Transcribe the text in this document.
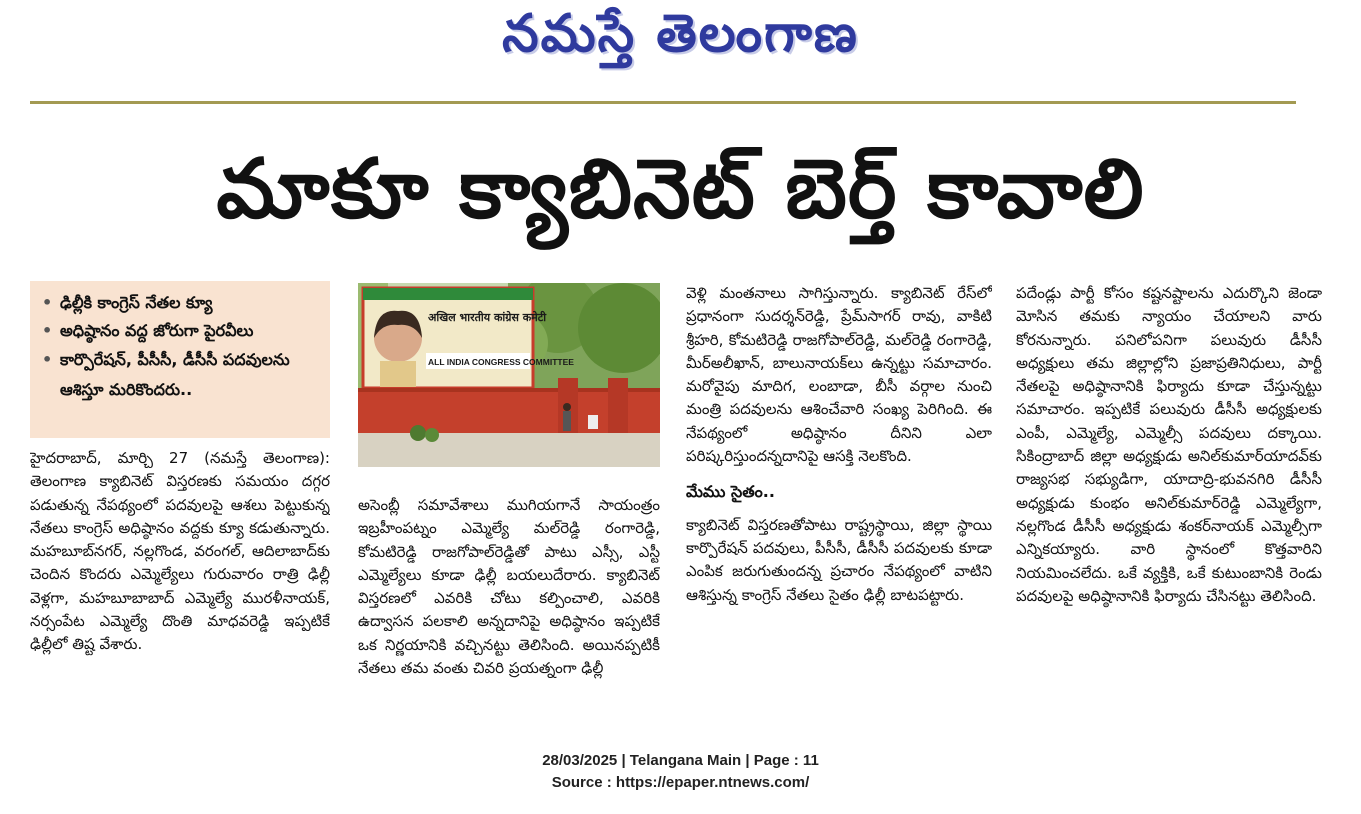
నమస్తే తెలంగాణ
మాకూ క్యాబినెట్ బెర్త్ కావాలి
• ఢిల్లీకి కాంగ్రెస్ నేతల క్యూ
• అధిష్ఠానం వద్ద జోరుగా పైరవీలు
• కార్పొరేషన్, పీసీసీ, డీసీసీ పదవులను ఆశిస్తూ మరికొందరు..
अखिल भारतीय कांग्रेस कमेटी
ALL INDIA CONGRESS COMMITTEE

హైదరాబాద్, మార్చి 27 (నమస్తే తెలంగాణ): తెలంగాణ క్యాబినెట్ విస్తరణకు సమయం దగ్గర పడుతున్న నేపథ్యంలో పదవులపై ఆశలు పెట్టుకున్న నేతలు కాంగ్రెస్ అధిష్ఠానం వద్దకు క్యూ కడుతున్నారు. మహబూబ్‌నగర్, నల్లగొండ, వరంగల్, ఆదిలాబాద్‌కు చెందిన కొందరు ఎమ్మెల్యేలు గురువారం రాత్రి ఢిల్లీ వెళ్లగా, మహబూబాబాద్ ఎమ్మెల్యే మురళీనాయక్, నర్సంపేట ఎమ్మెల్యే దొంతి మాధవరెడ్డి ఇప్పటికే ఢిల్లీలో తిష్ట వేశారు.

అసెంబ్లీ సమావేశాలు ముగియగానే సాయంత్రం ఇబ్రహీంపట్నం ఎమ్మెల్యే మల్‌రెడ్డి రంగారెడ్డి, కోమటిరెడ్డి రాజగోపాల్‌రెడ్డితో పాటు ఎస్సీ, ఎస్టీ ఎమ్మెల్యేలు కూడా ఢిల్లీ బయలుదేరారు. క్యాబినెట్ విస్తరణలో ఎవరికి చోటు కల్పించాలి, ఎవరికి ఉద్వాసన పలకాలి అన్నదానిపై అధిష్ఠానం ఇప్పటికే ఒక నిర్ణయానికి వచ్చినట్టు తెలిసింది. అయినప్పటికీ నేతలు తమ వంతు చివరి ప్రయత్నంగా ఢిల్లీ

వెళ్లి మంతనాలు సాగిస్తున్నారు. క్యాబినెట్ రేస్‌లో ప్రధానంగా సుదర్శన్‌రెడ్డి, ప్రేమ్‌సాగర్ రావు, వాకిటి శ్రీహరి, కోమటిరెడ్డి రాజగోపాల్‌రెడ్డి, మల్‌రెడ్డి రంగారెడ్డి, మీర్‌అలీఖాన్, బాలునాయక్‌లు ఉన్నట్టు సమాచారం. మరోవైపు మాదిగ, లంబాడా, బీసీ వర్గాల నుంచి మంత్రి పదవులను ఆశించేవారి సంఖ్య పెరిగింది. ఈ నేపథ్యంలో అధిష్ఠానం దీనిని ఎలా పరిష్కరిస్తుందన్నదానిపై ఆసక్తి నెలకొంది.

మేము సైతం..

క్యాబినెట్ విస్తరణతోపాటు రాష్ట్రస్థాయి, జిల్లా స్థాయి కార్పొరేషన్ పదవులు, పీసీసీ, డీసీసీ పదవులకు కూడా ఎంపిక జరుగుతుందన్న ప్రచారం నేపథ్యంలో వాటిని ఆశిస్తున్న కాంగ్రెస్ నేతలు సైతం ఢిల్లీ బాటపట్టారు.

పదేండ్లు పార్టీ కోసం కష్టనష్టాలను ఎదుర్కొని జెండా మోసిన తమకు న్యాయం చేయాలని వారు కోరనున్నారు. పనిలోపనిగా పలువురు డీసీసీ అధ్యక్షులు తమ జిల్లాల్లోని ప్రజాప్రతినిధులు, పార్టీ నేతలపై అధిష్ఠానానికి ఫిర్యాదు కూడా చేస్తున్నట్టు సమాచారం. ఇప్పటికే పలువురు డీసీసీ అధ్యక్షులకు ఎంపీ, ఎమ్మెల్యే, ఎమ్మెల్సీ పదవులు దక్కాయి. సికింద్రాబాద్ జిల్లా అధ్యక్షుడు అనిల్‌కుమార్‌యాదవ్‌కు రాజ్యసభ సభ్యుడిగా, యాదాద్రి-భువనగిరి డీసీసీ అధ్యక్షుడు కుంభం అనిల్‌కుమార్‌రెడ్డి ఎమ్మెల్యేగా, నల్లగొండ డీసీసీ అధ్యక్షుడు శంకర్‌నాయక్ ఎమ్మెల్సీగా ఎన్నికయ్యారు. వారి స్థానంలో కొత్తవారిని నియమించలేదు. ఒకే వ్యక్తికి, ఒకే కుటుంబానికి రెండు పదవులపై అధిష్ఠానానికి ఫిర్యాదు చేసినట్టు తెలిసింది.

28/03/2025 | Telangana Main | Page : 11
Source : https://epaper.ntnews.com/
